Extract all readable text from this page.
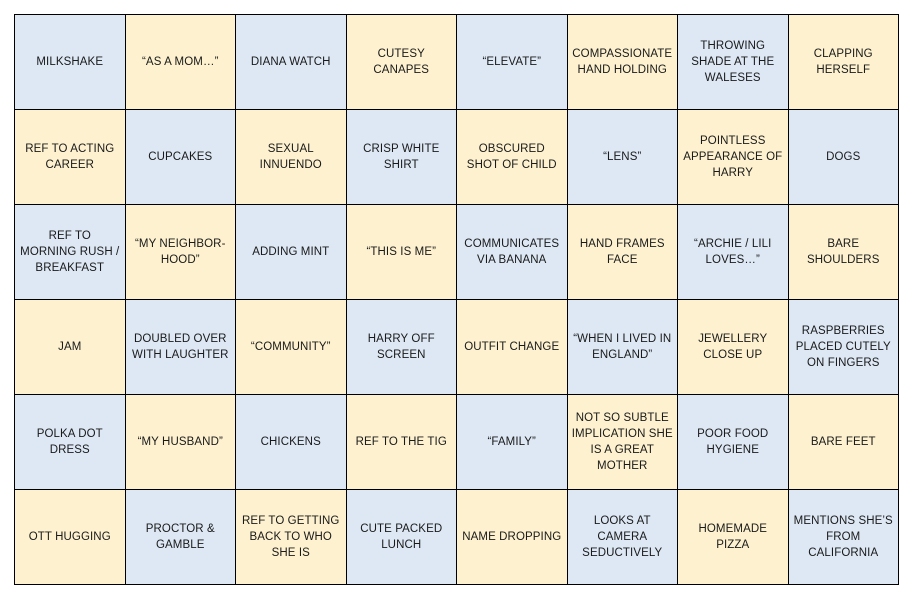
MILKSHAKE	“AS A MOM…”	DIANA WATCH	CUTESY CANAPES	“ELEVATE”	COMPASSIONATE HAND HOLDING	THROWING SHADE AT THE WALESES	CLAPPING HERSELF
REF TO ACTING CAREER	CUPCAKES	SEXUAL INNUENDO	CRISP WHITE SHIRT	OBSCURED SHOT OF CHILD	“LENS”	POINTLESS APPEARANCE OF HARRY	DOGS
REF TO MORNING RUSH / BREAKFAST	“MY NEIGHBOR-HOOD”	ADDING MINT	“THIS IS ME”	COMMUNICATES VIA BANANA	HAND FRAMES FACE	“ARCHIE / LILI LOVES…”	BARE SHOULDERS
JAM	DOUBLED OVER WITH LAUGHTER	“COMMUNITY”	HARRY OFF SCREEN	OUTFIT CHANGE	“WHEN I LIVED IN ENGLAND”	JEWELLERY CLOSE UP	RASPBERRIES PLACED CUTELY ON FINGERS
POLKA DOT DRESS	“MY HUSBAND”	CHICKENS	REF TO THE TIG	“FAMILY”	NOT SO SUBTLE IMPLICATION SHE IS A GREAT MOTHER	POOR FOOD HYGIENE	BARE FEET
OTT HUGGING	PROCTOR & GAMBLE	REF TO GETTING BACK TO WHO SHE IS	CUTE PACKED LUNCH	NAME DROPPING	LOOKS AT CAMERA SEDUCTIVELY	HOMEMADE PIZZA	MENTIONS SHE’S FROM CALIFORNIA
